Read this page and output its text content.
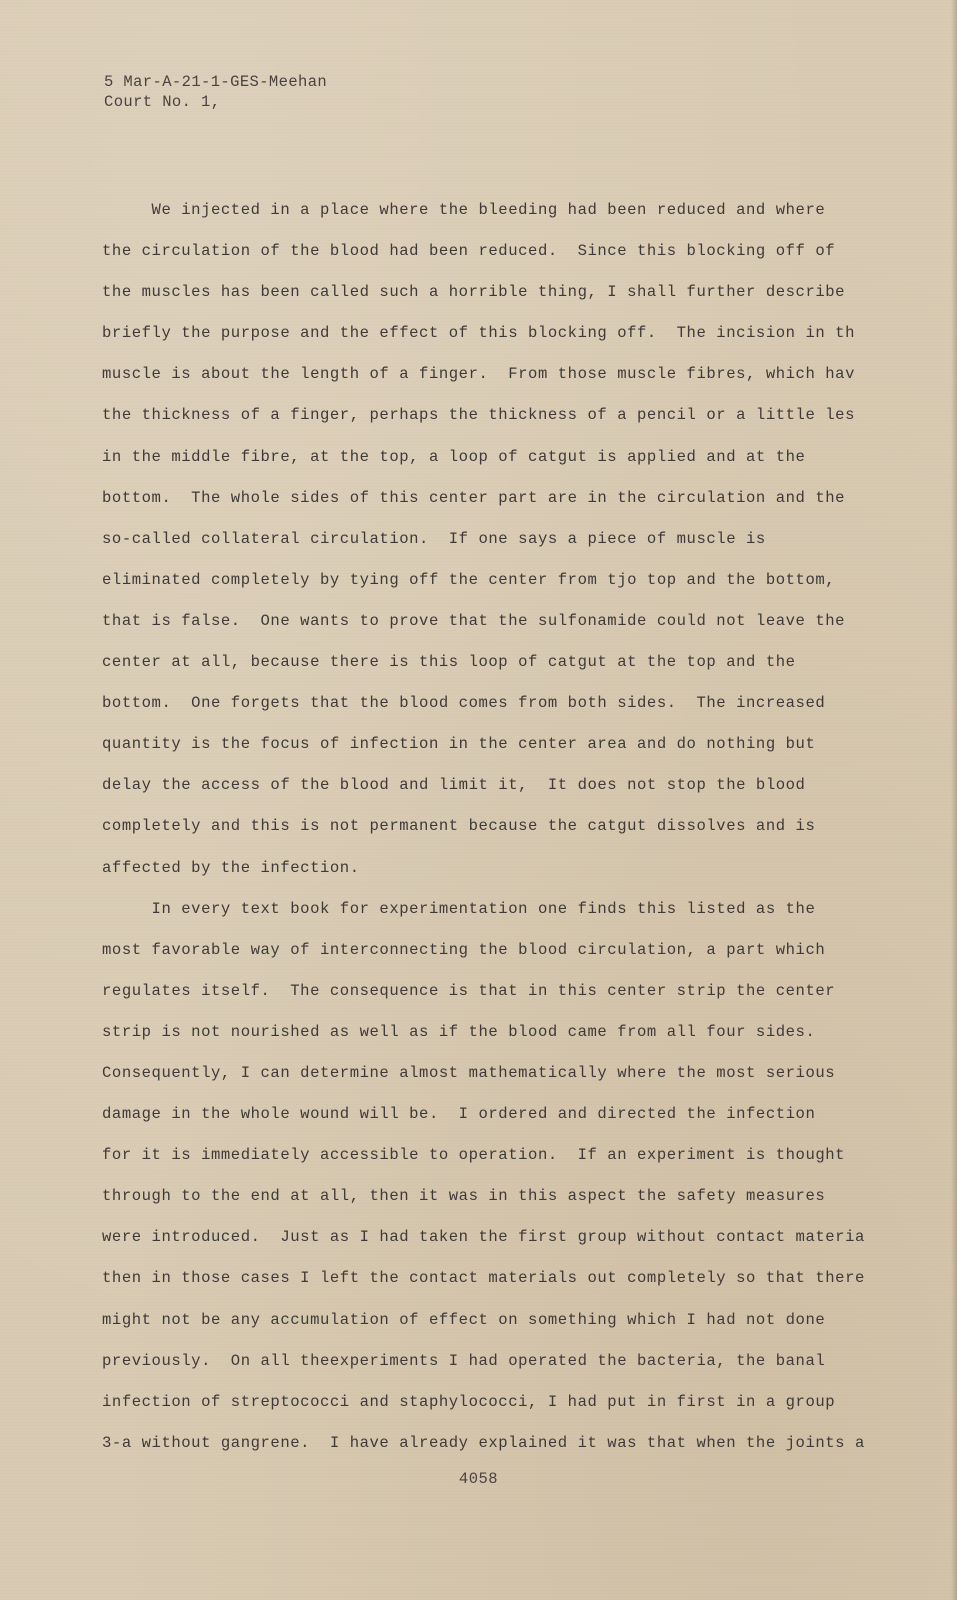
5 Mar-A-21-1-GES-Meehan
Court No. 1,
We injected in a place where the bleeding had been reduced and where
the circulation of the blood had been reduced.  Since this blocking off of
the muscles has been called such a horrible thing, I shall further describe
briefly the purpose and the effect of this blocking off.  The incision in th
muscle is about the length of a finger.  From those muscle fibres, which hav
the thickness of a finger, perhaps the thickness of a pencil or a little les
in the middle fibre, at the top, a loop of catgut is applied and at the
bottom.  The whole sides of this center part are in the circulation and the
so-called collateral circulation.  If one says a piece of muscle is
eliminated completely by tying off the center from tjo top and the bottom,
that is false.  One wants to prove that the sulfonamide could not leave the
center at all, because there is this loop of catgut at the top and the
bottom.  One forgets that the blood comes from both sides.  The increased
quantity is the focus of infection in the center area and do nothing but
delay the access of the blood and limit it,  It does not stop the blood
completely and this is not permanent because the catgut dissolves and is
affected by the infection.
In every text book for experimentation one finds this listed as the
most favorable way of interconnecting the blood circulation, a part which
regulates itself.  The consequence is that in this center strip the center
strip is not nourished as well as if the blood came from all four sides.
Consequently, I can determine almost mathematically where the most serious
damage in the whole wound will be.  I ordered and directed the infection
for it is immediately accessible to operation.  If an experiment is thought
through to the end at all, then it was in this aspect the safety measures
were introduced.  Just as I had taken the first group without contact materia
then in those cases I left the contact materials out completely so that there
might not be any accumulation of effect on something which I had not done
previously.  On all theexperiments I had operated the bacteria, the banal
infection of streptococci and staphylococci, I had put in first in a group
3-a without gangrene.  I have already explained it was that when the joints a
4058
